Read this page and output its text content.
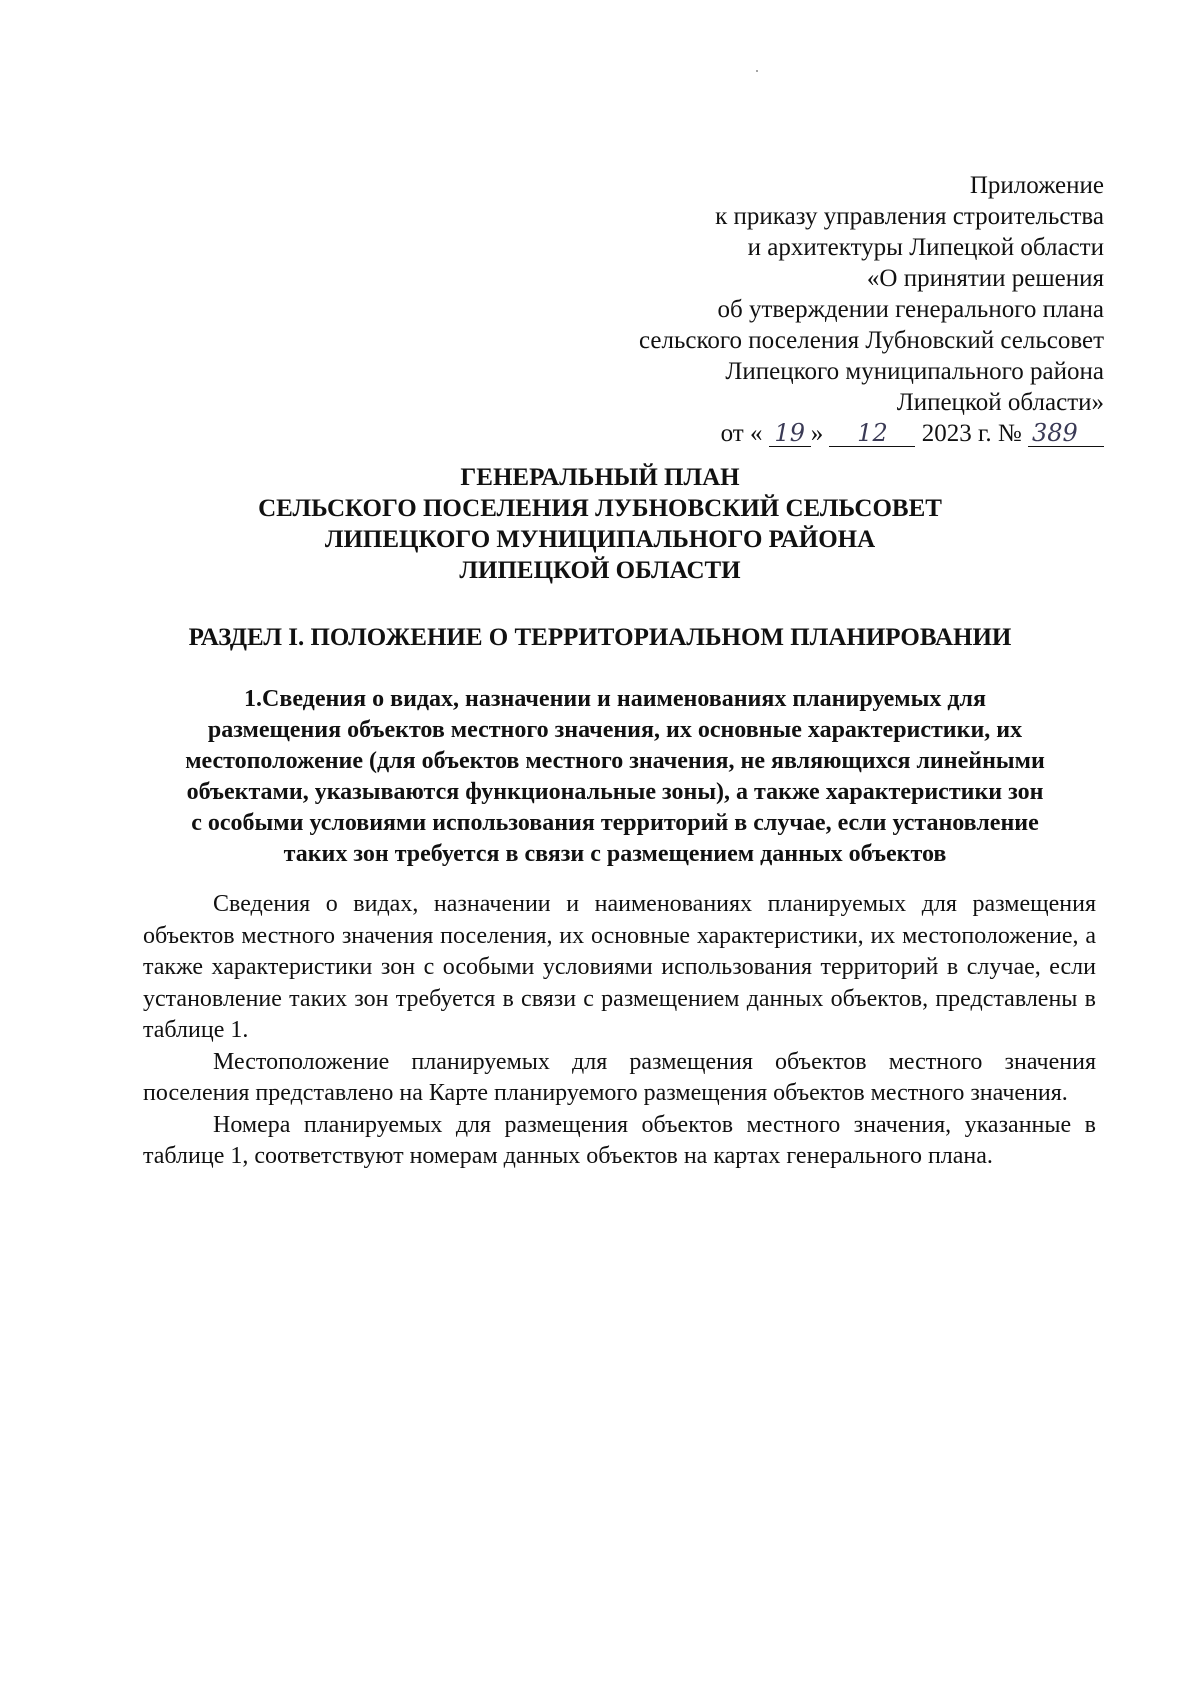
Приложение
к приказу управления строительства
и архитектуры Липецкой области
«О принятии решения
об утверждении генерального плана
сельского поселения Лубновский сельсовет
Липецкого муниципального района
Липецкой области»
от « 19 » 12 2023 г. № 389
ГЕНЕРАЛЬНЫЙ ПЛАН
СЕЛЬСКОГО ПОСЕЛЕНИЯ ЛУБНОВСКИЙ СЕЛЬСОВЕТ
ЛИПЕЦКОГО МУНИЦИПАЛЬНОГО РАЙОНА
ЛИПЕЦКОЙ ОБЛАСТИ
РАЗДЕЛ I. ПОЛОЖЕНИЕ О ТЕРРИТОРИАЛЬНОМ ПЛАНИРОВАНИИ
1.Сведения о видах, назначении и наименованиях планируемых для
размещения объектов местного значения, их основные характеристики, их
местоположение (для объектов местного значения, не являющихся линейными
объектами, указываются функциональные зоны), а также характеристики зон
с особыми условиями использования территорий в случае, если установление
таких зон требуется в связи с размещением данных объектов

Сведения о видах, назначении и наименованиях планируемых для размещения объектов местного значения поселения, их основные характеристики, их местоположение, а также характеристики зон с особыми условиями использования территорий в случае, если установление таких зон требуется в связи с размещением данных объектов, представлены в таблице 1.

Местоположение планируемых для размещения объектов местного значения поселения представлено на Карте планируемого размещения объектов местного значения.

Номера планируемых для размещения объектов местного значения, указанные в таблице 1, соответствуют номерам данных объектов на картах генерального плана.
